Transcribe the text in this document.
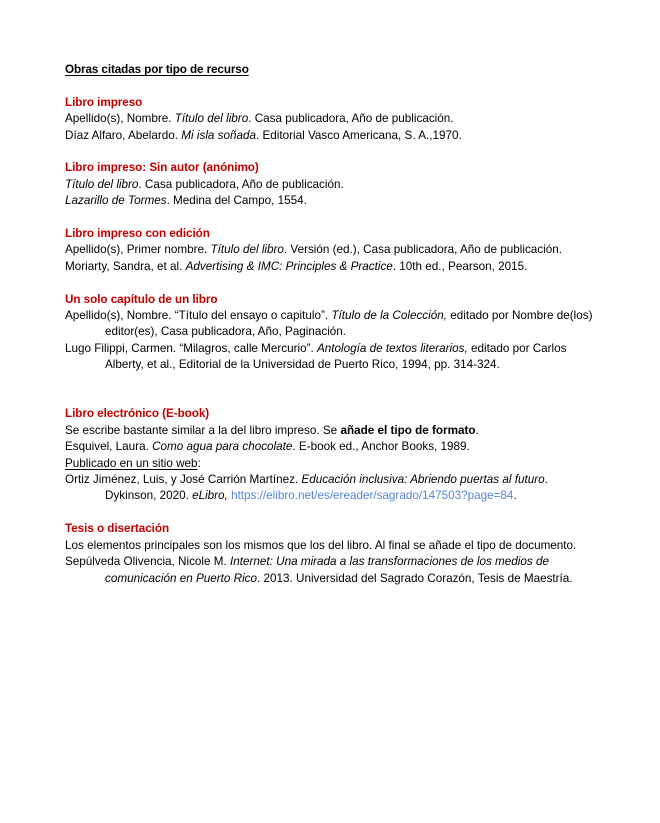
Obras citadas por tipo de recurso

Libro impreso

Apellido(s), Nombre. Título del libro. Casa publicadora, Año de publicación.

Díaz Alfaro, Abelardo. Mi isla soñada. Editorial Vasco Americana, S. A.,1970.

Libro impreso: Sin autor (anónimo)

Título del libro. Casa publicadora, Año de publicación.

Lazarillo de Tormes. Medina del Campo, 1554.

Libro impreso con edición

Apellido(s), Primer nombre. Título del libro. Versión (ed.), Casa publicadora, Año de publicación.

Moriarty, Sandra, et al. Advertising & IMC: Principles & Practice. 10th ed., Pearson, 2015.

Un solo capítulo de un libro

Apellido(s), Nombre. “Título del ensayo o capitulo”. Título de la Colección, editado por Nombre de(los) editor(es), Casa publicadora, Año, Paginación.

Lugo Filippi, Carmen. “Milagros, calle Mercurio”. Antología de textos literarios, editado por Carlos Alberty, et al., Editorial de la Universidad de Puerto Rico, 1994, pp. 314-324.

Libro electrónico (E-book)

Se escribe bastante similar a la del libro impreso. Se añade el tipo de formato.

Esquivel, Laura. Como agua para chocolate. E-book ed., Anchor Books, 1989.

Publicado en un sitio web:

Ortiz Jiménez, Luis, y José Carrión Martínez. Educación inclusiva: Abriendo puertas al futuro. Dykinson, 2020. eLibro, https://elibro.net/es/ereader/sagrado/147503?page=84.

Tesis o disertación

Los elementos principales son los mismos que los del libro. Al final se añade el tipo de documento.

Sepúlveda Olivencia, Nicole M. Internet: Una mirada a las transformaciones de los medios de comunicación en Puerto Rico. 2013. Universidad del Sagrado Corazón, Tesis de Maestría.
